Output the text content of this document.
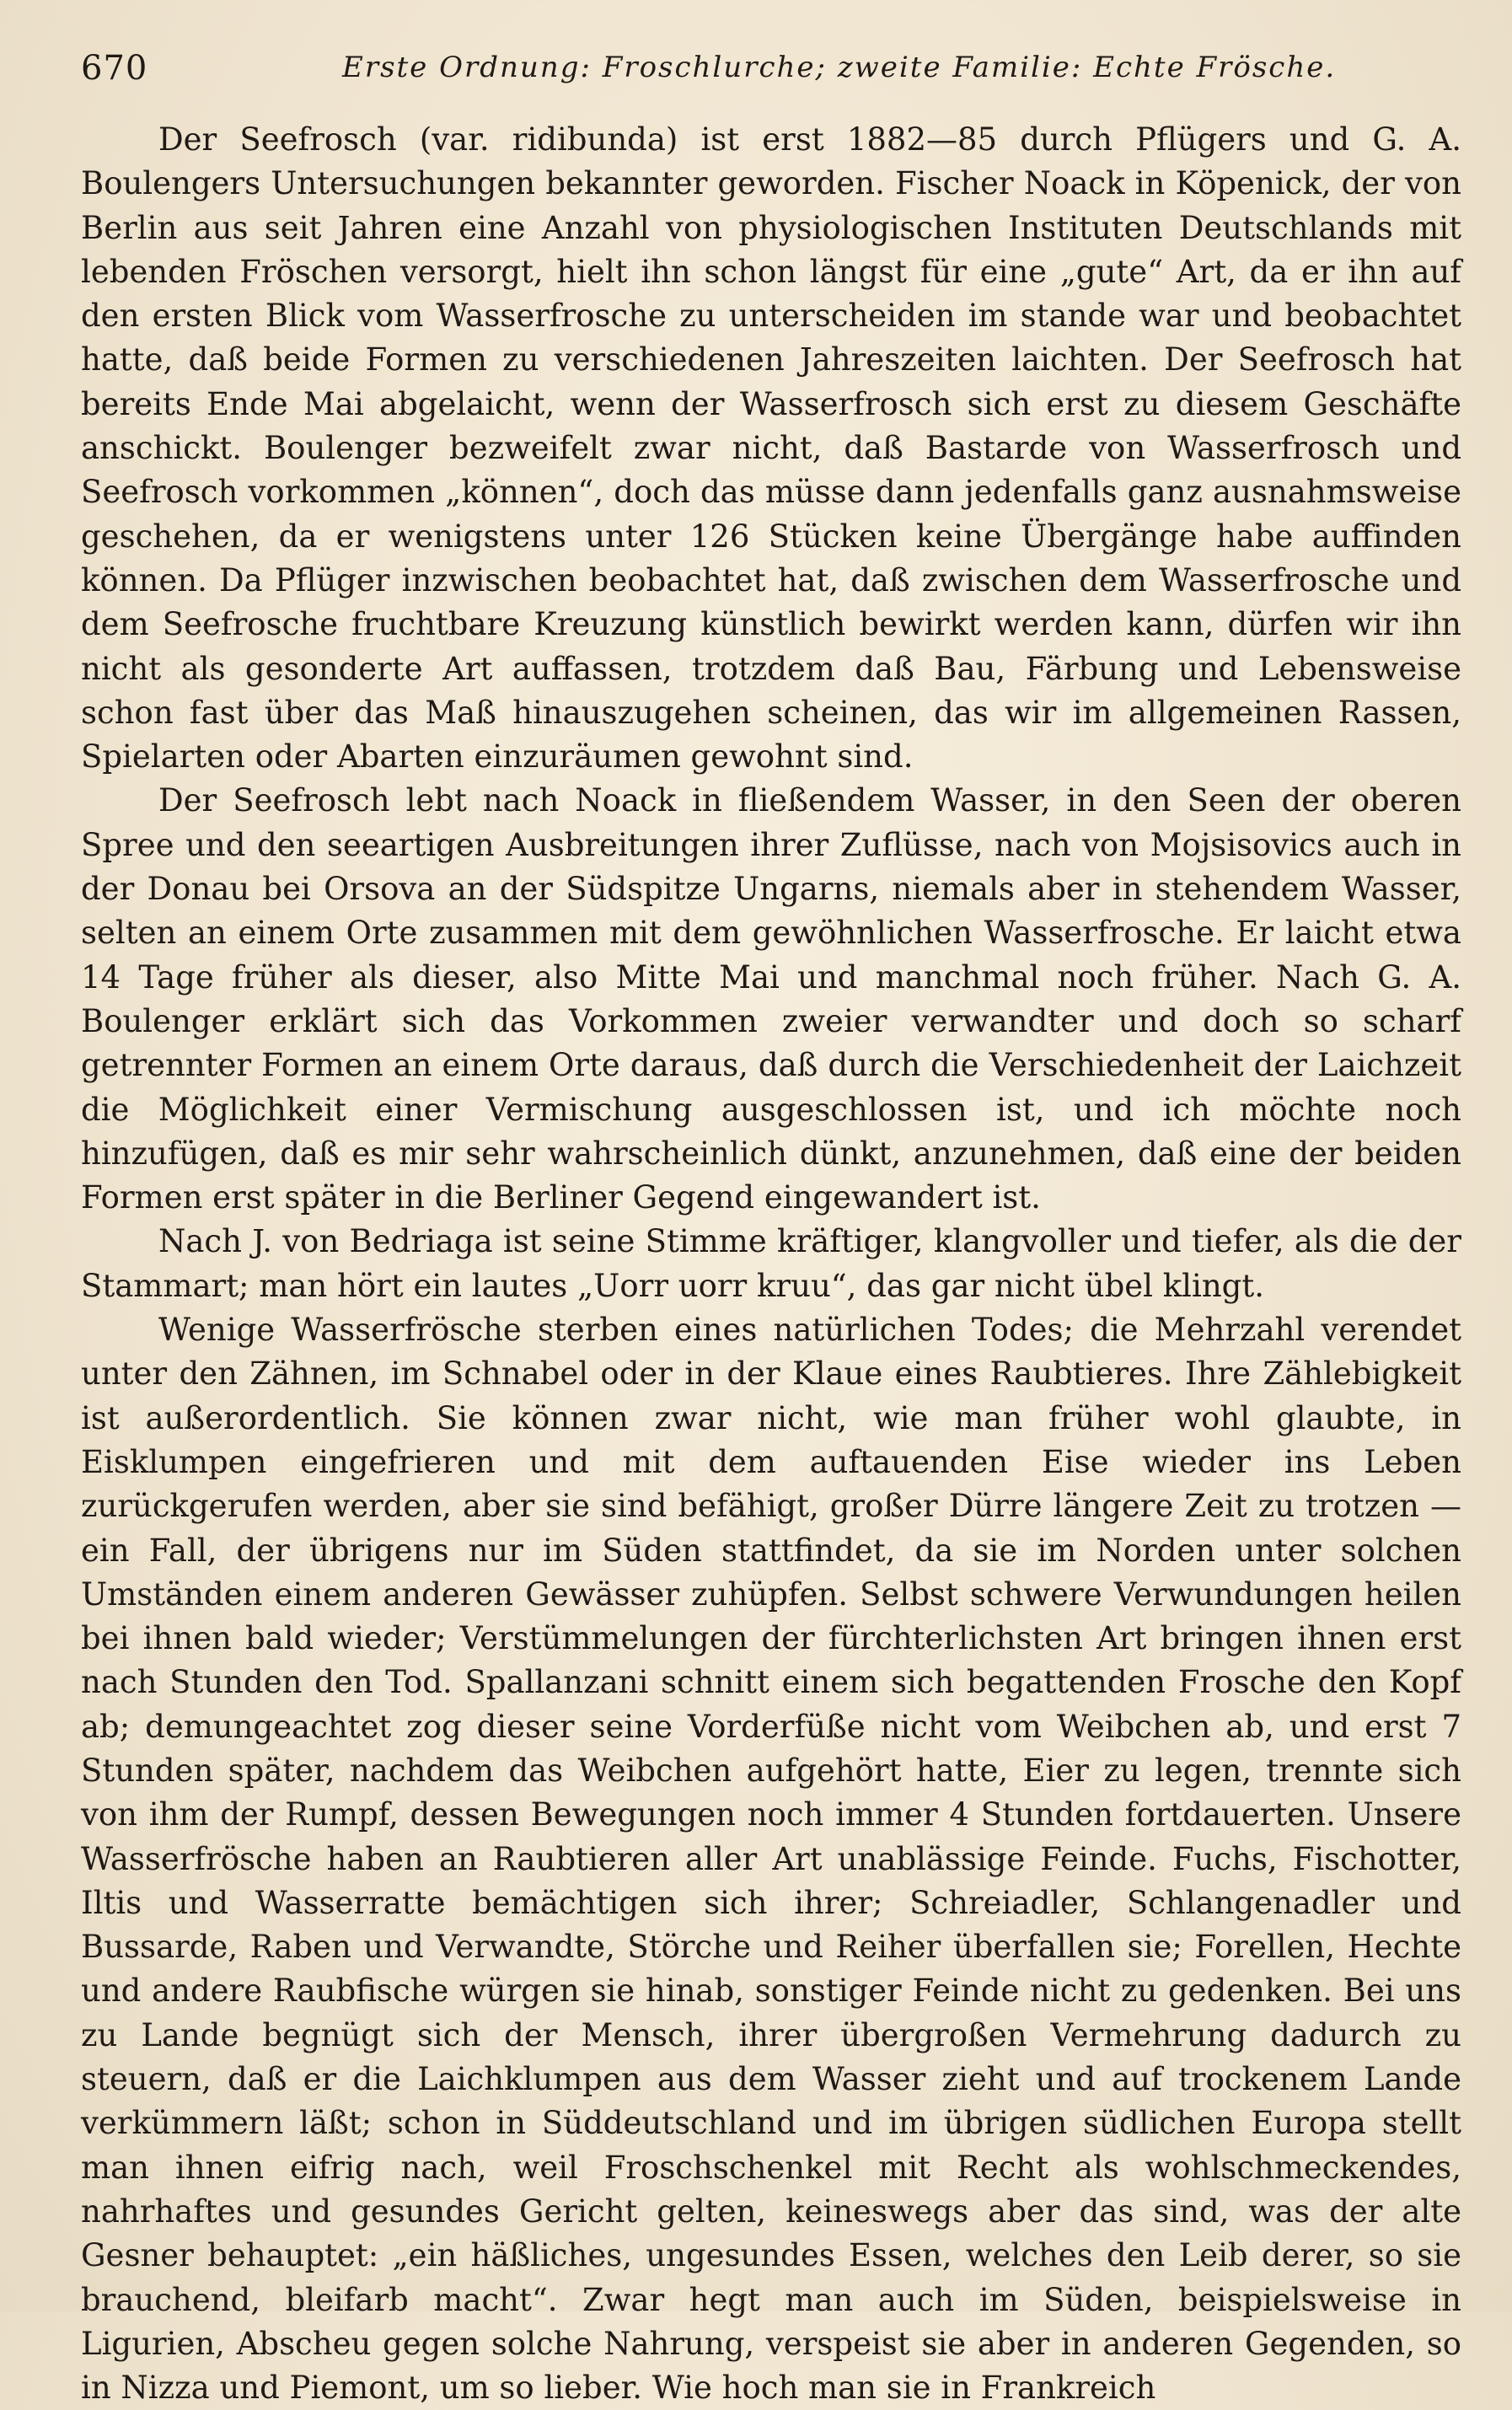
670	Erste Ordnung: Froschlurche; zweite Familie: Echte Frösche.

Der Seefrosch (var. ridibunda) ist erst 1882—85 durch Pflügers und G. A. Boulengers Untersuchungen bekannter geworden. Fischer Noack in Köpenick, der von Berlin aus seit Jahren eine Anzahl von physiologischen Instituten Deutschlands mit lebenden Fröschen versorgt, hielt ihn schon längst für eine „gute“ Art, da er ihn auf den ersten Blick vom Wasserfrosche zu unterscheiden im stande war und beobachtet hatte, daß beide Formen zu verschiedenen Jahreszeiten laichten. Der Seefrosch hat bereits Ende Mai abgelaicht, wenn der Wasserfrosch sich erst zu diesem Geschäfte anschickt. Boulenger bezweifelt zwar nicht, daß Bastarde von Wasserfrosch und Seefrosch vorkommen „können“, doch das müsse dann jedenfalls ganz ausnahmsweise geschehen, da er wenigstens unter 126 Stücken keine Übergänge habe auffinden können. Da Pflüger inzwischen beobachtet hat, daß zwischen dem Wasserfrosche und dem Seefrosche fruchtbare Kreuzung künstlich bewirkt werden kann, dürfen wir ihn nicht als gesonderte Art auffassen, trotzdem daß Bau, Färbung und Lebensweise schon fast über das Maß hinauszugehen scheinen, das wir im allgemeinen Rassen, Spielarten oder Abarten einzuräumen gewohnt sind.

Der Seefrosch lebt nach Noack in fließendem Wasser, in den Seen der oberen Spree und den seeartigen Ausbreitungen ihrer Zuflüsse, nach von Mojsisovics auch in der Donau bei Orsova an der Südspitze Ungarns, niemals aber in stehendem Wasser, selten an einem Orte zusammen mit dem gewöhnlichen Wasserfrosche. Er laicht etwa 14 Tage früher als dieser, also Mitte Mai und manchmal noch früher. Nach G. A. Boulenger erklärt sich das Vorkommen zweier verwandter und doch so scharf getrennter Formen an einem Orte daraus, daß durch die Verschiedenheit der Laichzeit die Möglichkeit einer Vermischung ausgeschlossen ist, und ich möchte noch hinzufügen, daß es mir sehr wahrscheinlich dünkt, anzunehmen, daß eine der beiden Formen erst später in die Berliner Gegend eingewandert ist.

Nach J. von Bedriaga ist seine Stimme kräftiger, klangvoller und tiefer, als die der Stammart; man hört ein lautes „Uorr uorr kruu“, das gar nicht übel klingt.

Wenige Wasserfrösche sterben eines natürlichen Todes; die Mehrzahl verendet unter den Zähnen, im Schnabel oder in der Klaue eines Raubtieres. Ihre Zählebigkeit ist außerordentlich. Sie können zwar nicht, wie man früher wohl glaubte, in Eisklumpen eingefrieren und mit dem auftauenden Eise wieder ins Leben zurückgerufen werden, aber sie sind befähigt, großer Dürre längere Zeit zu trotzen — ein Fall, der übrigens nur im Süden stattfindet, da sie im Norden unter solchen Umständen einem anderen Gewässer zuhüpfen. Selbst schwere Verwundungen heilen bei ihnen bald wieder; Verstümmelungen der fürchterlichsten Art bringen ihnen erst nach Stunden den Tod. Spallanzani schnitt einem sich begattenden Frosche den Kopf ab; demungeachtet zog dieser seine Vorderfüße nicht vom Weibchen ab, und erst 7 Stunden später, nachdem das Weibchen aufgehört hatte, Eier zu legen, trennte sich von ihm der Rumpf, dessen Bewegungen noch immer 4 Stunden fortdauerten. Unsere Wasserfrösche haben an Raubtieren aller Art unablässige Feinde. Fuchs, Fischotter, Iltis und Wasserratte bemächtigen sich ihrer; Schreiadler, Schlangenadler und Bussarde, Raben und Verwandte, Störche und Reiher überfallen sie; Forellen, Hechte und andere Raubfische würgen sie hinab, sonstiger Feinde nicht zu gedenken. Bei uns zu Lande begnügt sich der Mensch, ihrer übergroßen Vermehrung dadurch zu steuern, daß er die Laichklumpen aus dem Wasser zieht und auf trockenem Lande verkümmern läßt; schon in Süddeutschland und im übrigen südlichen Europa stellt man ihnen eifrig nach, weil Froschschenkel mit Recht als wohlschmeckendes, nahrhaftes und gesundes Gericht gelten, keineswegs aber das sind, was der alte Gesner behauptet: „ein häßliches, ungesundes Essen, welches den Leib derer, so sie brauchend, bleifarb macht“. Zwar hegt man auch im Süden, beispielsweise in Ligurien, Abscheu gegen solche Nahrung, verspeist sie aber in anderen Gegenden, so in Nizza und Piemont, um so lieber. Wie hoch man sie in Frankreich
